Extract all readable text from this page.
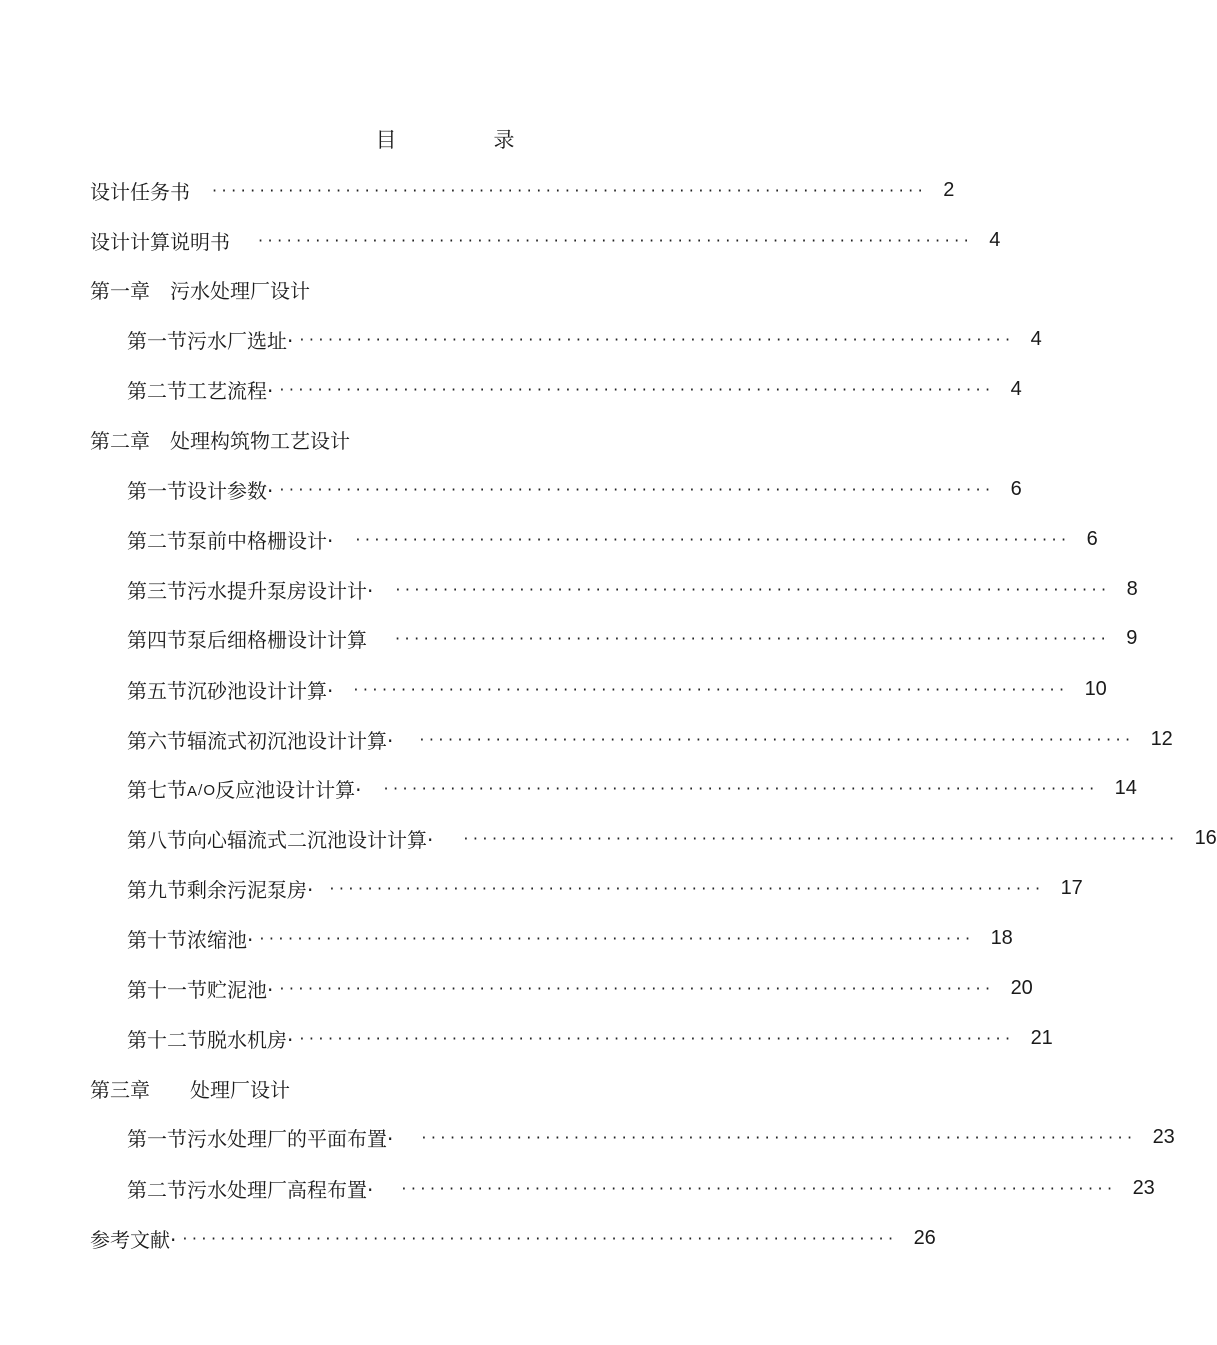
目　录
设计任务书 ··········································································· 2
设计计算说明书 ··········································································· 4
第一章　污水处理厂设计
第一节 污水厂选址· ··········································································· 4
第二节 工艺流程· ··········································································· 4
第二章　处理构筑物工艺设计
第一节 设计参数· ··········································································· 6
第二节 泵前中格栅设计· ··········································································· 6
第三节 污水提升泵房设计计· ··········································································· 8
第四节 泵后细格栅设计计算 ··········································································· 9
第五节 沉砂池设计计算· ··········································································· 10
第六节 辐流式初沉池设计计算· ··········································································· 12
第七节 A / O 反应池设计计算· ··········································································· 14
第八节 向心辐流式二沉池设计计算· ··········································································· 16
第九节 剩余污泥泵房· ··········································································· 17
第十节 浓缩池· ··········································································· 18
第十一节 贮泥池· ··········································································· 20
第十二节 脱水机房· ··········································································· 21
第三章　　处理厂设计
第一节 污水处理厂的平面布置· ··········································································· 23
第二节 污水处理厂高程布置· ··········································································· 23
参考文献· ··········································································· 26
